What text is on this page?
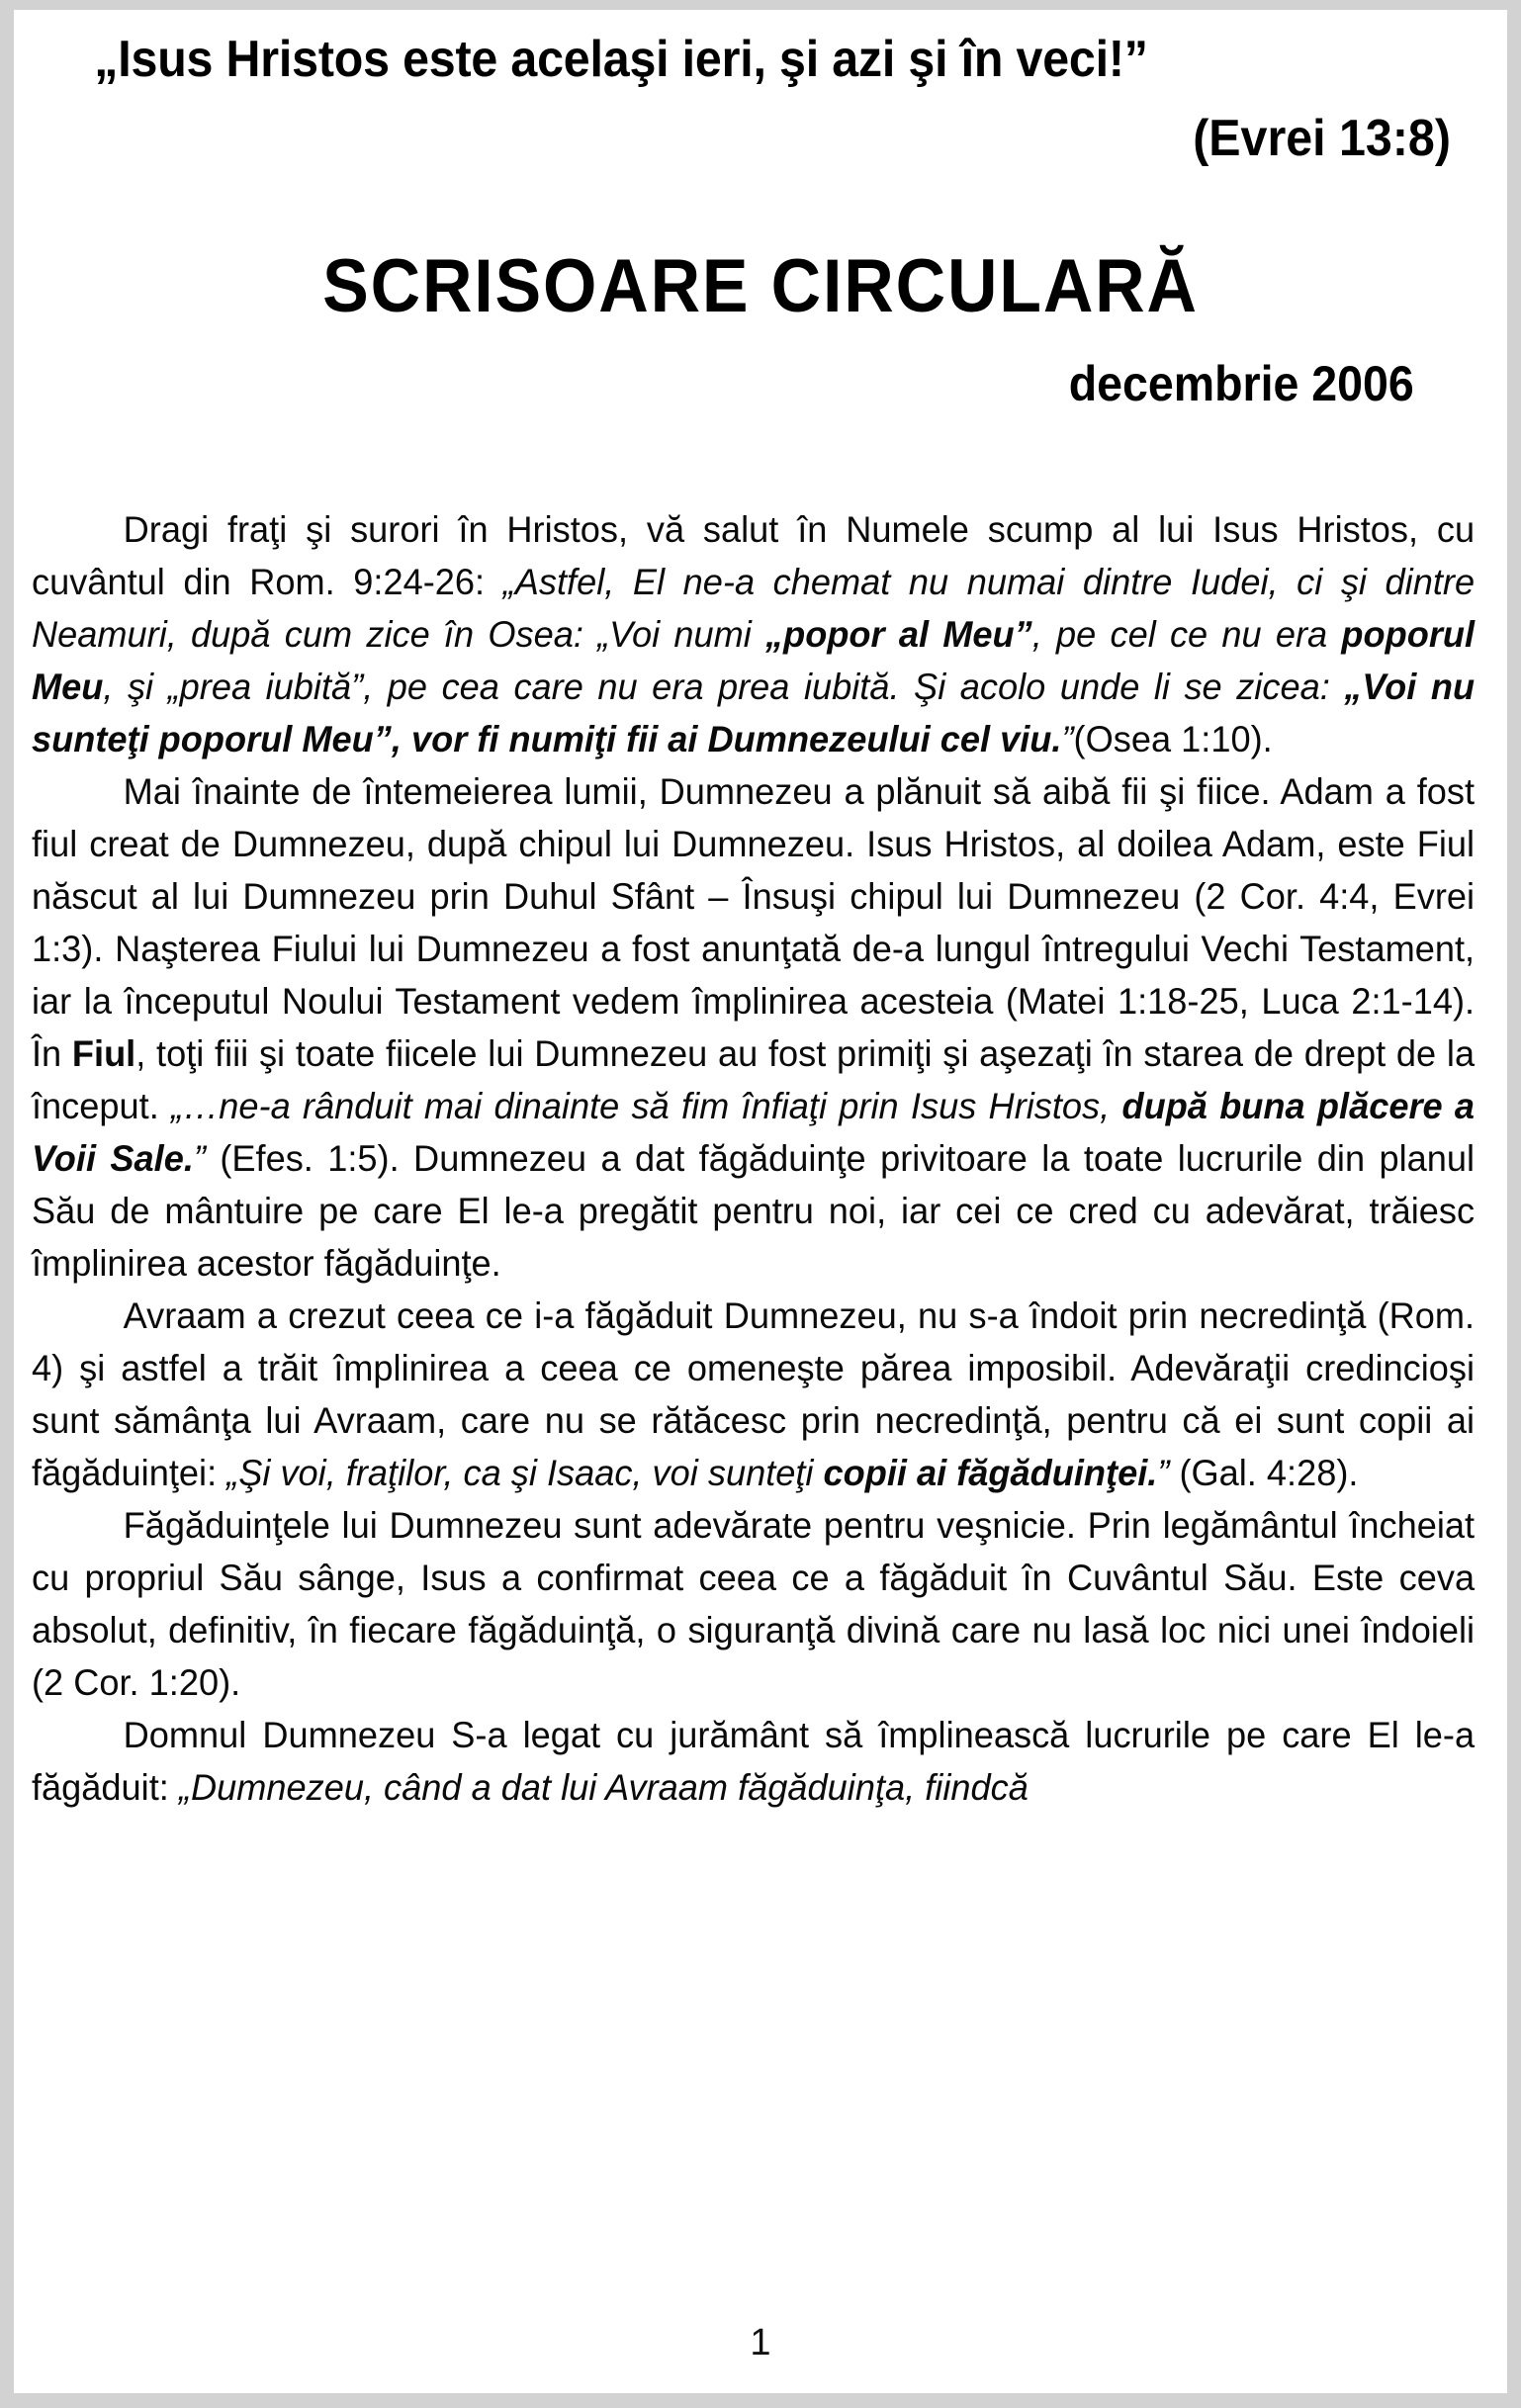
„Isus Hristos este acelaşi ieri, şi azi şi în veci!”
(Evrei 13:8)
SCRISOARE CIRCULARĂ
decembrie 2006

Dragi fraţi şi surori în Hristos, vă salut în Numele scump al lui Isus Hristos, cu cuvântul din Rom. 9:24-26: „Astfel, El ne-a chemat nu numai dintre Iudei, ci şi dintre Neamuri, după cum zice în Osea: „Voi numi „popor al Meu”, pe cel ce nu era poporul Meu, şi „prea iubită”, pe cea care nu era prea iubită. Şi acolo unde li se zicea: „Voi nu sunteţi poporul Meu”, vor fi numiţi fii ai Dumnezeului cel viu.”(Osea 1:10).

Mai înainte de întemeierea lumii, Dumnezeu a plănuit să aibă fii şi fiice. Adam a fost fiul creat de Dumnezeu, după chipul lui Dumnezeu. Isus Hristos, al doilea Adam, este Fiul născut al lui Dumnezeu prin Duhul Sfânt – Însuşi chipul lui Dumnezeu (2 Cor. 4:4, Evrei 1:3). Naşterea Fiului lui Dumnezeu a fost anunţată de-a lungul întregului Vechi Testament, iar la începutul Noului Testament vedem împlinirea acesteia (Matei 1:18-25, Luca 2:1-14). În Fiul, toţi fiii şi toate fiicele lui Dumnezeu au fost primiţi şi aşezaţi în starea de drept de la început. „…ne-a rânduit mai dinainte să fim înfiaţi prin Isus Hristos, după buna plăcere a Voii Sale.” (Efes. 1:5). Dumnezeu a dat făgăduinţe privitoare la toate lucrurile din planul Său de mântuire pe care El le-a pregătit pentru noi, iar cei ce cred cu adevărat, trăiesc împlinirea acestor făgăduinţe.

Avraam a crezut ceea ce i-a făgăduit Dumnezeu, nu s-a îndoit prin necredinţă (Rom. 4) şi astfel a trăit împlinirea a ceea ce omeneşte părea imposibil. Adevăraţii credincioşi sunt sămânţa lui Avraam, care nu se rătăcesc prin necredinţă, pentru că ei sunt copii ai făgăduinţei: „Şi voi, fraţilor, ca şi Isaac, voi sunteţi copii ai făgăduinţei.” (Gal. 4:28).

Făgăduinţele lui Dumnezeu sunt adevărate pentru veşnicie. Prin legământul încheiat cu propriul Său sânge, Isus a confirmat ceea ce a făgăduit în Cuvântul Său. Este ceva absolut, definitiv, în fiecare făgăduinţă, o siguranţă divină care nu lasă loc nici unei îndoieli (2 Cor. 1:20).

Domnul Dumnezeu S-a legat cu jurământ să împlinească lucrurile pe care El le-a făgăduit: „Dumnezeu, când a dat lui Avraam făgăduinţa, fiindcă

1
